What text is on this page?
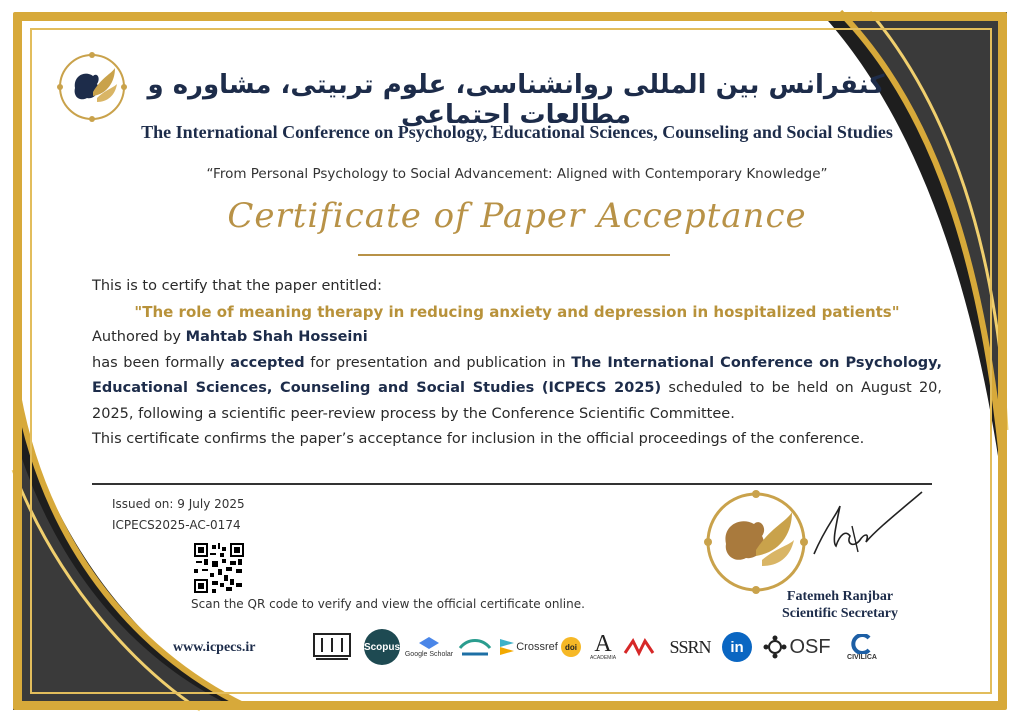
کنفرانس بین المللی روانشناسی، علوم تربیتی، مشاوره و مطالعات اجتماعی
The International Conference on Psychology, Educational Sciences, Counseling and Social Studies
“From Personal Psychology to Social Advancement: Aligned with Contemporary Knowledge”
Certificate of Paper Acceptance

This is to certify that the paper entitled:

"The role of meaning therapy in reducing anxiety and depression in hospitalized patients"

Authored by Mahtab Shah Hosseini

has been formally accepted for presentation and publication in The International Conference on Psychology, Educational Sciences, Counseling and Social Studies (ICPECS 2025) scheduled to be held on August 20, 2025, following a scientific peer-review process by the Conference Scientific Committee.

This certificate confirms the paper’s acceptance for inclusion in the official proceedings of the conference.

Issued on: 9 July 2025
ICPECS2025-AC-0174
Scan the QR code to verify and view the official certificate online.	Fatemeh Ranjbar
Scientific Secretary
www.icpecs.ir	Scopus
Google Scholar
Crossref doi A
ACADEMIA
SSRN	in	OSF CIVILICA
